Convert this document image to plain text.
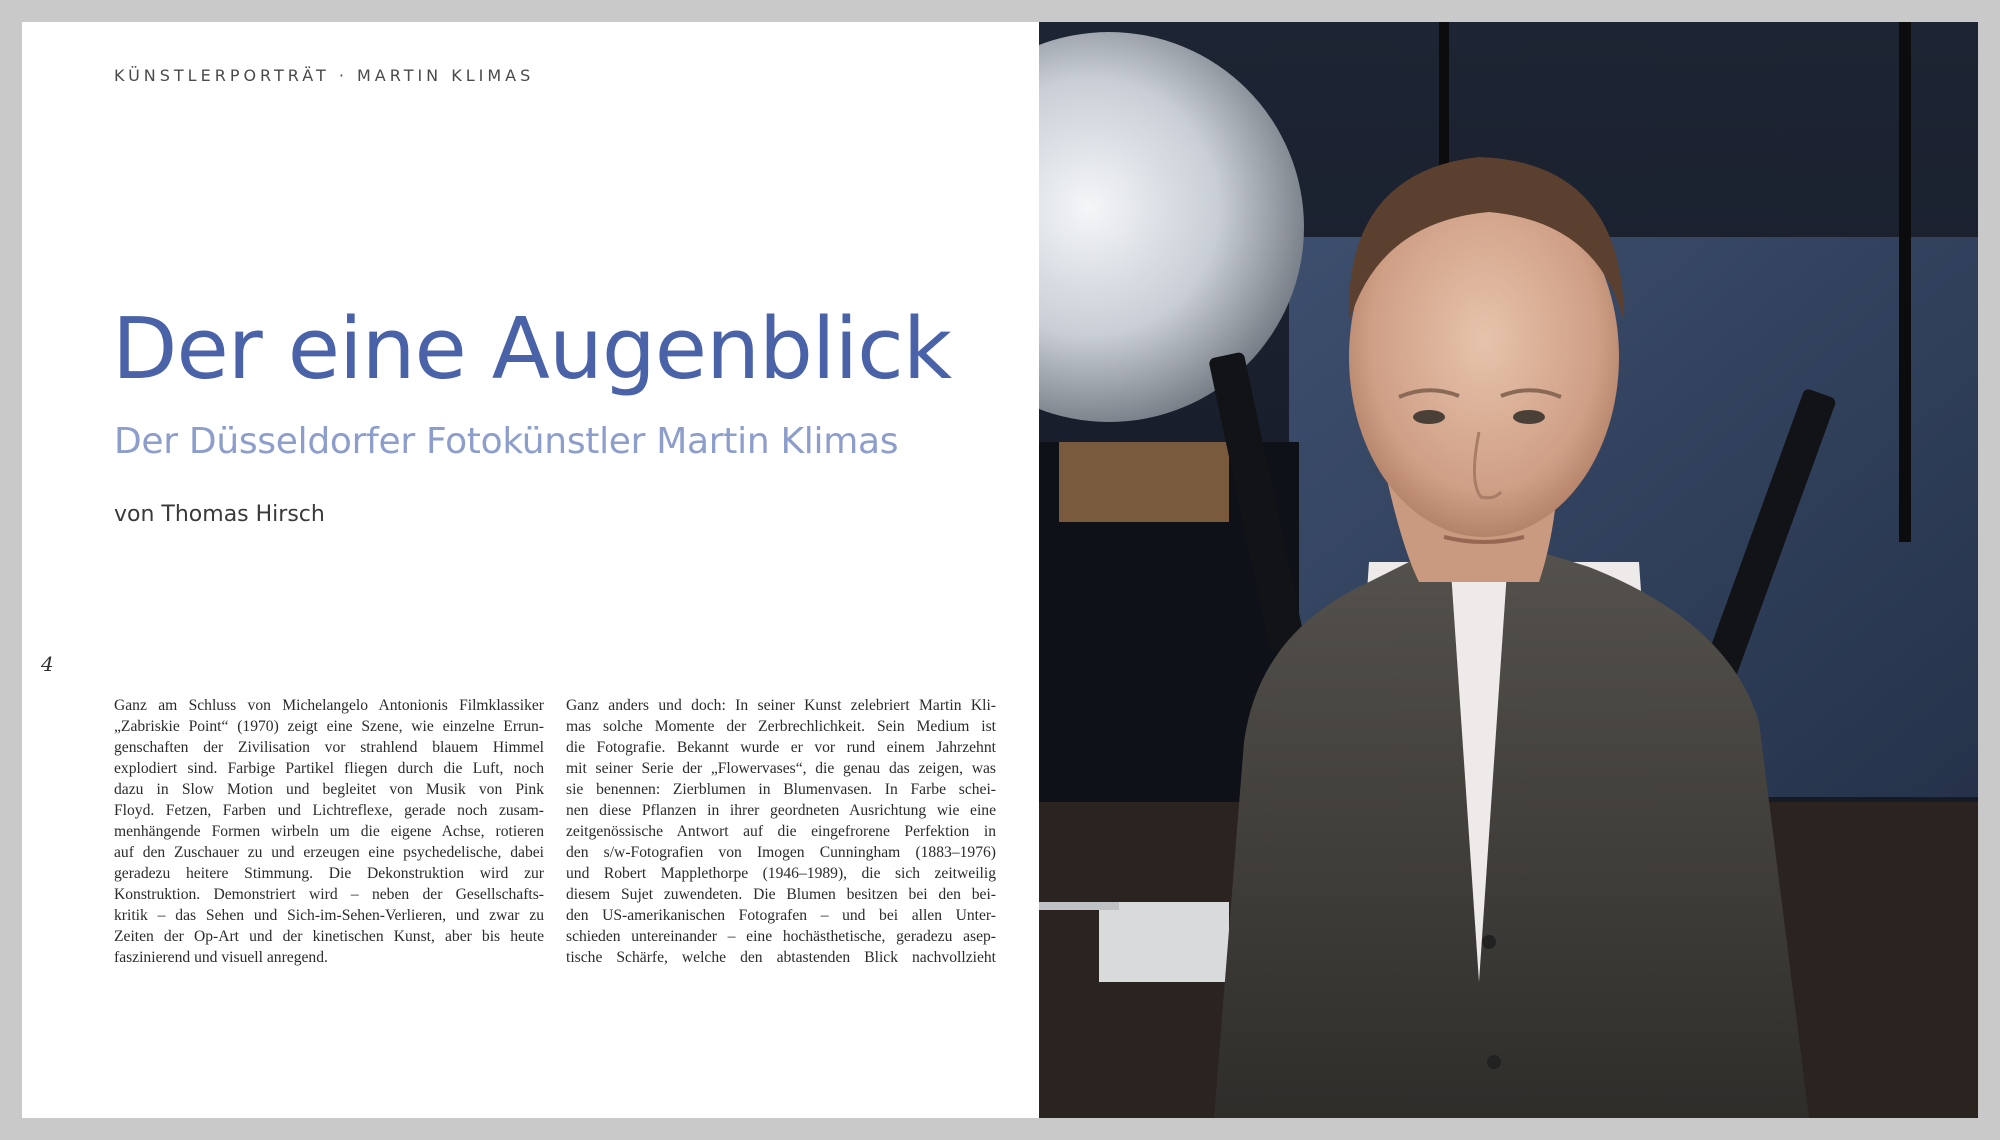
KÜNSTLERPORTRÄT · MARTIN KLIMAS
Der eine Augenblick
Der Düsseldorfer Fotokünstler Martin Klimas
von Thomas Hirsch
4
Ganz am Schluss von Michelangelo Antonionis Filmklassiker
„Zabriskie Point“ (1970) zeigt eine Szene, wie einzelne Errun-
genschaften der Zivilisation vor strahlend blauem Himmel
explodiert sind. Farbige Partikel fliegen durch die Luft, noch
dazu in Slow Motion und begleitet von Musik von Pink
Floyd. Fetzen, Farben und Lichtreflexe, gerade noch zusam-
menhängende Formen wirbeln um die eigene Achse, rotieren
auf den Zuschauer zu und erzeugen eine psychedelische, dabei
geradezu heitere Stimmung. Die Dekonstruktion wird zur
Konstruktion. Demonstriert wird – neben der Gesellschafts-
kritik – das Sehen und Sich-im-Sehen-Verlieren, und zwar zu
Zeiten der Op-Art und der kinetischen Kunst, aber bis heute
faszinierend und visuell anregend.
Ganz anders und doch: In seiner Kunst zelebriert Martin Kli-
mas solche Momente der Zerbrechlichkeit. Sein Medium ist
die Fotografie. Bekannt wurde er vor rund einem Jahrzehnt
mit seiner Serie der „Flowervases“, die genau das zeigen, was
sie benennen: Zierblumen in Blumenvasen. In Farbe schei-
nen diese Pflanzen in ihrer geordneten Ausrichtung wie eine
zeitgenössische Antwort auf die eingefrorene Perfektion in
den s/w-Fotografien von Imogen Cunningham (1883–1976)
und Robert Mapplethorpe (1946–1989), die sich zeitweilig
diesem Sujet zuwendeten. Die Blumen besitzen bei den bei-
den US-amerikanischen Fotografen – und bei allen Unter-
schieden untereinander – eine hochästhetische, geradezu asep-
tische Schärfe, welche den abtastenden Blick nachvollzieht
